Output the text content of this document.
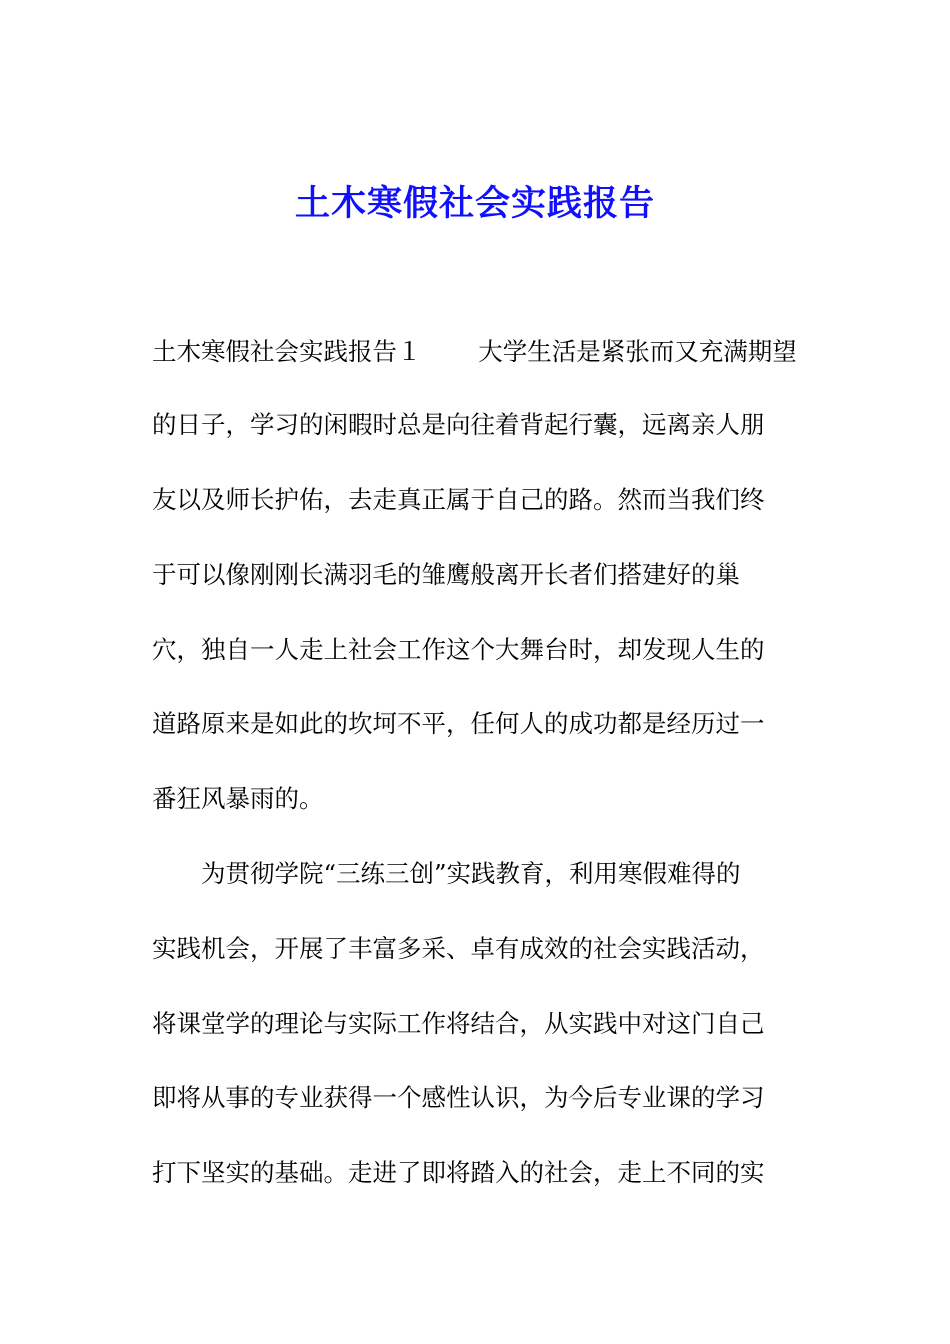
土木寒假社会实践报告
土木寒假社会实践报告１　　 大学生活是紧张而又充满期望
的日子，学习的闲暇时总是向往着背起行囊，远离亲人朋
友以及师长护佑，去走真正属于自己的路。然而当我们终
于可以像刚刚长满羽毛的雏鹰般离开长者们搭建好的巢
穴，独自一人走上社会工作这个大舞台时，却发现人生的
道路原来是如此的坎坷不平，任何人的成功都是经历过一
番狂风暴雨的。
　　为贯彻学院“三练三创”实践教育，利用寒假难得的
实践机会，开展了丰富多采、卓有成效的社会实践活动，
将课堂学的理论与实际工作将结合，从实践中对这门自己
即将从事的专业获得一个感性认识，为今后专业课的学习
打下坚实的基础。走进了即将踏入的社会，走上不同的实
